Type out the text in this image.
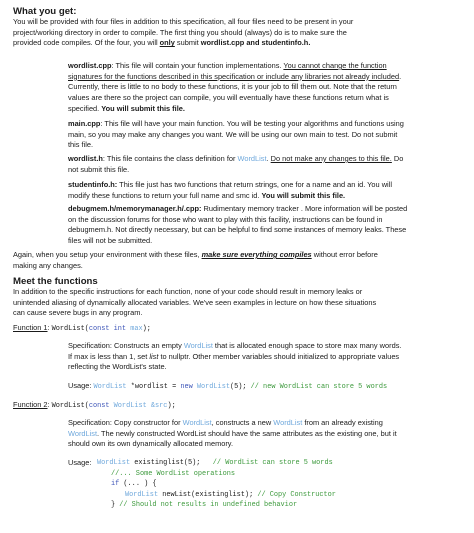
What you get:
You will be provided with four files in addition to this specification, all four files need to be present in your
project/working directory in order to compile. The first thing you should (always) do is to make sure the
provided code compiles. Of the four, you will only submit wordlist.cpp and studentinfo.h.
wordlist.cpp: This file will contain your function implementations. You cannot change the function
signatures for the functions described in this specification or include any libraries not already included.
Currently, there is little to no body to these functions, it is your job to fill them out. Note that the return
values are there so the project can compile, you will eventually have these functions return what is
specified. You will submit this file.
main.cpp: This file will have your main function. You will be testing your algorithms and functions using
main, so you may make any changes you want. We will be using our own main to test. Do not submit
this file.
wordlist.h: This file contains the class definition for WordList. Do not make any changes to this file. Do
not submit this file.
studentinfo.h: This file just has two functions that return strings, one for a name and an id. You will
modify these functions to return your full name and smc id. You will submit this file.
debugmem.h/memorymanager.h/.cpp: Rudimentary memory tracker . More information will be posted
on the discussion forums for those who want to play with this facility, instructions can be found in
debugmem.h. Not directly necessary, but can be helpful to find some instances of memory leaks. These
files will not be submitted.
Again, when you setup your environment with these files, make sure everything compiles without error before
making any changes.
Meet the functions
In addition to the specific instructions for each function, none of your code should result in memory leaks or
unintended aliasing of dynamically allocated variables. We've seen examples in lecture on how these situations
can cause severe bugs in any program.
Function 1: WordList(const int max);
Specification: Constructs an empty WordList that is allocated enough space to store max many words.
If max is less than 1, set list to nullptr. Other member variables should initialized to appropriate values
reflecting the WordList's state.
Usage: WordList *wordlist = new WordList(5); // new WordList can store 5 words
Function 2: WordList(const WordList &src);
Specification: Copy constructor for WordList, constructs a new WordList from an already existing
WordList. The newly constructed WordList should have the same attributes as the existing one, but it
should own its own dynamically allocated memory.
Usage: WordList existinglist(5);   // WordList can store 5 words
//... Some WordList operations
if (... ) {
WordList newList(existinglist); // Copy Constructor
} // Should not results in undefined behavior
